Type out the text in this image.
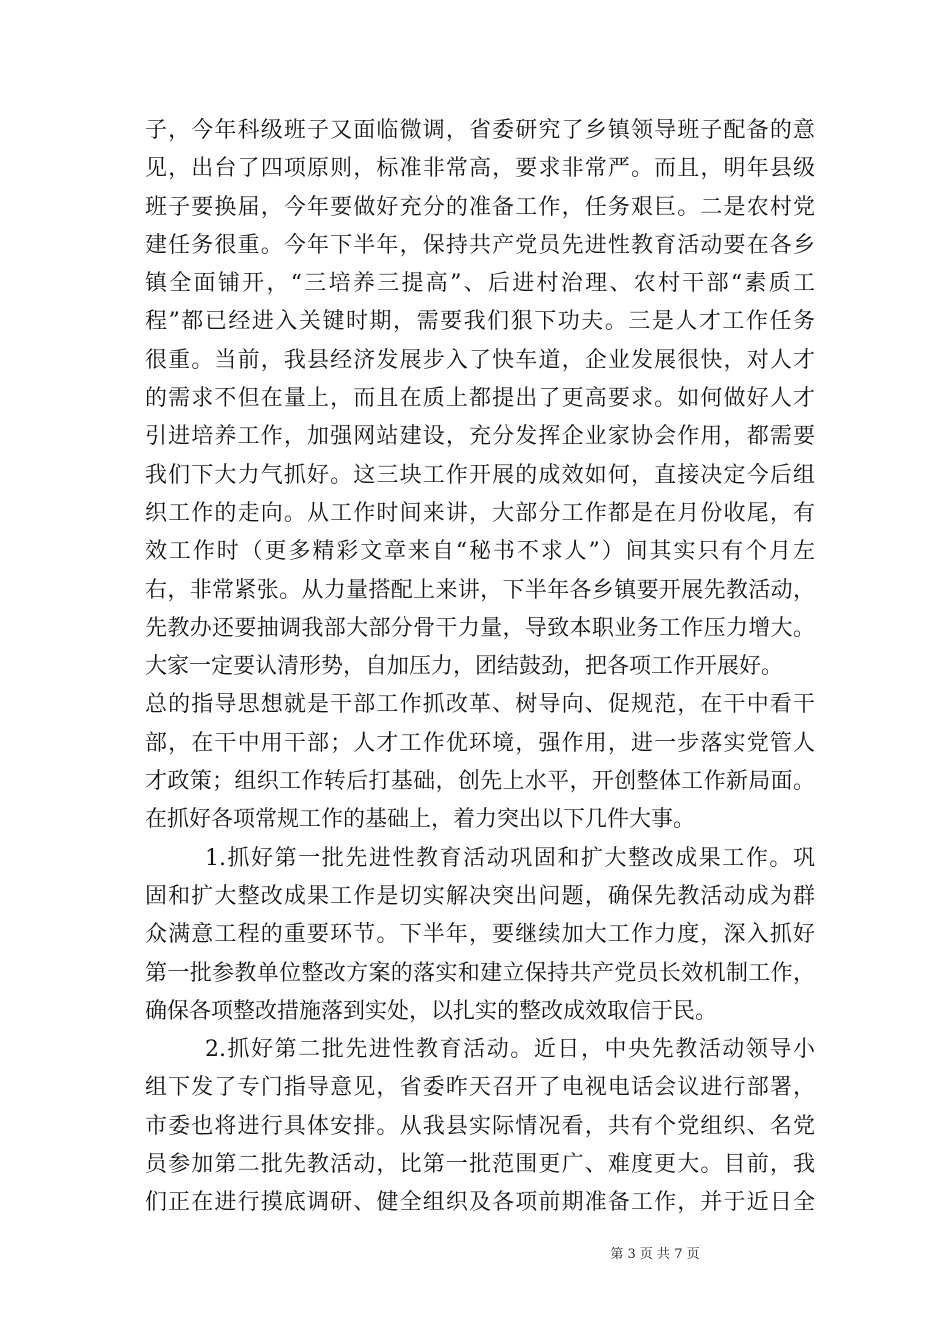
子，今年科级班子又面临微调，省委研究了乡镇领导班子配备的意
见，出台了四项原则，标准非常高，要求非常严。而且，明年县级
班子要换届，今年要做好充分的准备工作，任务艰巨。二是农村党
建任务很重。今年下半年，保持共产党员先进性教育活动要在各乡
镇全面铺开，“三培养三提高”、后进村治理、农村干部“素质工
程”都已经进入关键时期，需要我们狠下功夫。三是人才工作任务
很重。当前，我县经济发展步入了快车道，企业发展很快，对人才
的需求不但在量上，而且在质上都提出了更高要求。如何做好人才
引进培养工作，加强网站建设，充分发挥企业家协会作用，都需要
我们下大力气抓好。这三块工作开展的成效如何，直接决定今后组
织工作的走向。从工作时间来讲，大部分工作都是在月份收尾，有
效工作时（更多精彩文章来自“秘书不求人”）间其实只有个月左
右，非常紧张。从力量搭配上来讲，下半年各乡镇要开展先教活动，
先教办还要抽调我部大部分骨干力量，导致本职业务工作压力增大。
大家一定要认清形势，自加压力，团结鼓劲，把各项工作开展好。
总的指导思想就是干部工作抓改革、树导向、促规范，在干中看干
部，在干中用干部；人才工作优环境，强作用，进一步落实党管人
才政策；组织工作转后打基础，创先上水平，开创整体工作新局面。
在抓好各项常规工作的基础上，着力突出以下几件大事。
1.抓好第一批先进性教育活动巩固和扩大整改成果工作。巩
固和扩大整改成果工作是切实解决突出问题，确保先教活动成为群
众满意工程的重要环节。下半年，要继续加大工作力度，深入抓好
第一批参教单位整改方案的落实和建立保持共产党员长效机制工作，
确保各项整改措施落到实处，以扎实的整改成效取信于民。
2.抓好第二批先进性教育活动。近日，中央先教活动领导小
组下发了专门指导意见，省委昨天召开了电视电话会议进行部署，
市委也将进行具体安排。从我县实际情况看，共有个党组织、名党
员参加第二批先教活动，比第一批范围更广、难度更大。目前，我
们正在进行摸底调研、健全组织及各项前期准备工作，并于近日全
第 3 页 共 7 页
